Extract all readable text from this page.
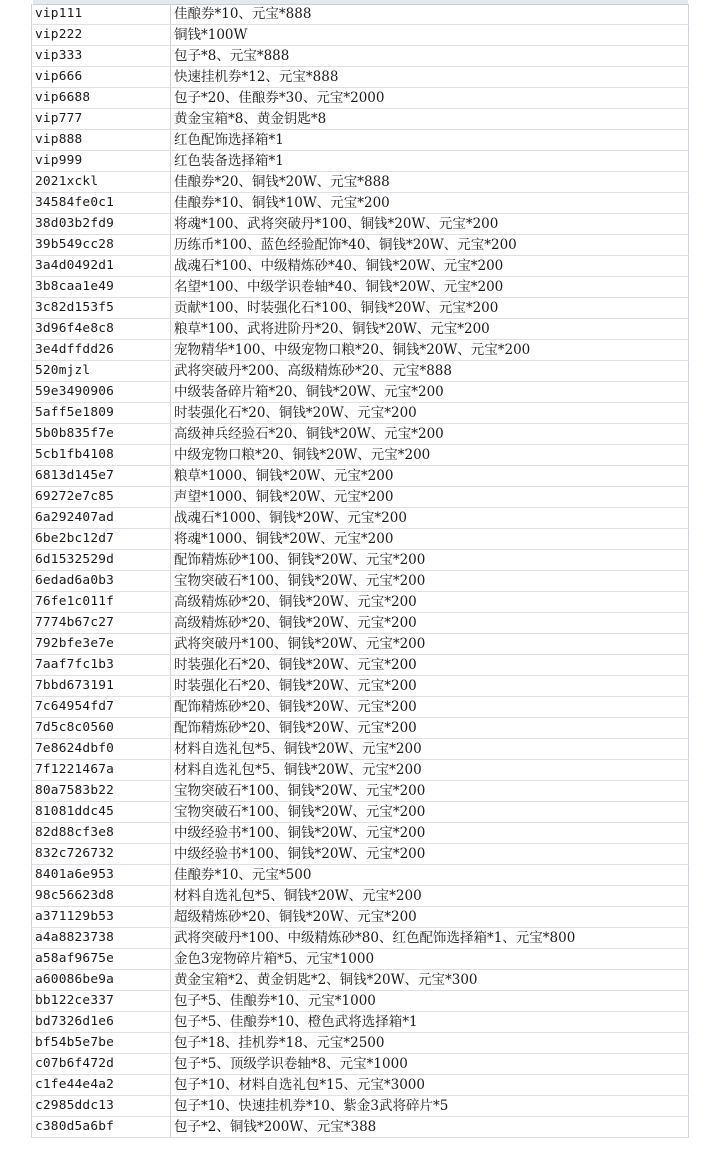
vip111	佳酿券*10、元宝*888
vip222	铜钱*100W
vip333	包子*8、元宝*888
vip666	快速挂机券*12、元宝*888
vip6688	包子*20、佳酿券*30、元宝*2000
vip777	黄金宝箱*8、黄金钥匙*8
vip888	红色配饰选择箱*1
vip999	红色装备选择箱*1
2021xckl	佳酿券*20、铜钱*20W、元宝*888
34584fe0c1	佳酿券*10、铜钱*10W、元宝*200
38d03b2fd9	将魂*100、武将突破丹*100、铜钱*20W、元宝*200
39b549cc28	历练币*100、蓝色经验配饰*40、铜钱*20W、元宝*200
3a4d0492d1	战魂石*100、中级精炼砂*40、铜钱*20W、元宝*200
3b8caa1e49	名望*100、中级学识卷轴*40、铜钱*20W、元宝*200
3c82d153f5	贡献*100、时装强化石*100、铜钱*20W、元宝*200
3d96f4e8c8	粮草*100、武将进阶丹*20、铜钱*20W、元宝*200
3e4dffdd26	宠物精华*100、中级宠物口粮*20、铜钱*20W、元宝*200
520mjzl	武将突破丹*200、高级精炼砂*20、元宝*888
59e3490906	中级装备碎片箱*20、铜钱*20W、元宝*200
5aff5e1809	时装强化石*20、铜钱*20W、元宝*200
5b0b835f7e	高级神兵经验石*20、铜钱*20W、元宝*200
5cb1fb4108	中级宠物口粮*20、铜钱*20W、元宝*200
6813d145e7	粮草*1000、铜钱*20W、元宝*200
69272e7c85	声望*1000、铜钱*20W、元宝*200
6a292407ad	战魂石*1000、铜钱*20W、元宝*200
6be2bc12d7	将魂*1000、铜钱*20W、元宝*200
6d1532529d	配饰精炼砂*100、铜钱*20W、元宝*200
6edad6a0b3	宝物突破石*100、铜钱*20W、元宝*200
76fe1c011f	高级精炼砂*20、铜钱*20W、元宝*200
7774b67c27	高级精炼砂*20、铜钱*20W、元宝*200
792bfe3e7e	武将突破丹*100、铜钱*20W、元宝*200
7aaf7fc1b3	时装强化石*20、铜钱*20W、元宝*200
7bbd673191	时装强化石*20、铜钱*20W、元宝*200
7c64954fd7	配饰精炼砂*20、铜钱*20W、元宝*200
7d5c8c0560	配饰精炼砂*20、铜钱*20W、元宝*200
7e8624dbf0	材料自选礼包*5、铜钱*20W、元宝*200
7f1221467a	材料自选礼包*5、铜钱*20W、元宝*200
80a7583b22	宝物突破石*100、铜钱*20W、元宝*200
81081ddc45	宝物突破石*100、铜钱*20W、元宝*200
82d88cf3e8	中级经验书*100、铜钱*20W、元宝*200
832c726732	中级经验书*100、铜钱*20W、元宝*200
8401a6e953	佳酿券*10、元宝*500
98c56623d8	材料自选礼包*5、铜钱*20W、元宝*200
a371129b53	超级精炼砂*20、铜钱*20W、元宝*200
a4a8823738	武将突破丹*100、中级精炼砂*80、红色配饰选择箱*1、元宝*800
a58af9675e	金色3宠物碎片箱*5、元宝*1000
a60086be9a	黄金宝箱*2、黄金钥匙*2、铜钱*20W、元宝*300
bb122ce337	包子*5、佳酿券*10、元宝*1000
bd7326d1e6	包子*5、佳酿券*10、橙色武将选择箱*1
bf54b5e7be	包子*18、挂机券*18、元宝*2500
c07b6f472d	包子*5、顶级学识卷轴*8、元宝*1000
c1fe44e4a2	包子*10、材料自选礼包*15、元宝*3000
c2985ddc13	包子*10、快速挂机券*10、紫金3武将碎片*5
c380d5a6bf	包子*2、铜钱*200W、元宝*388
